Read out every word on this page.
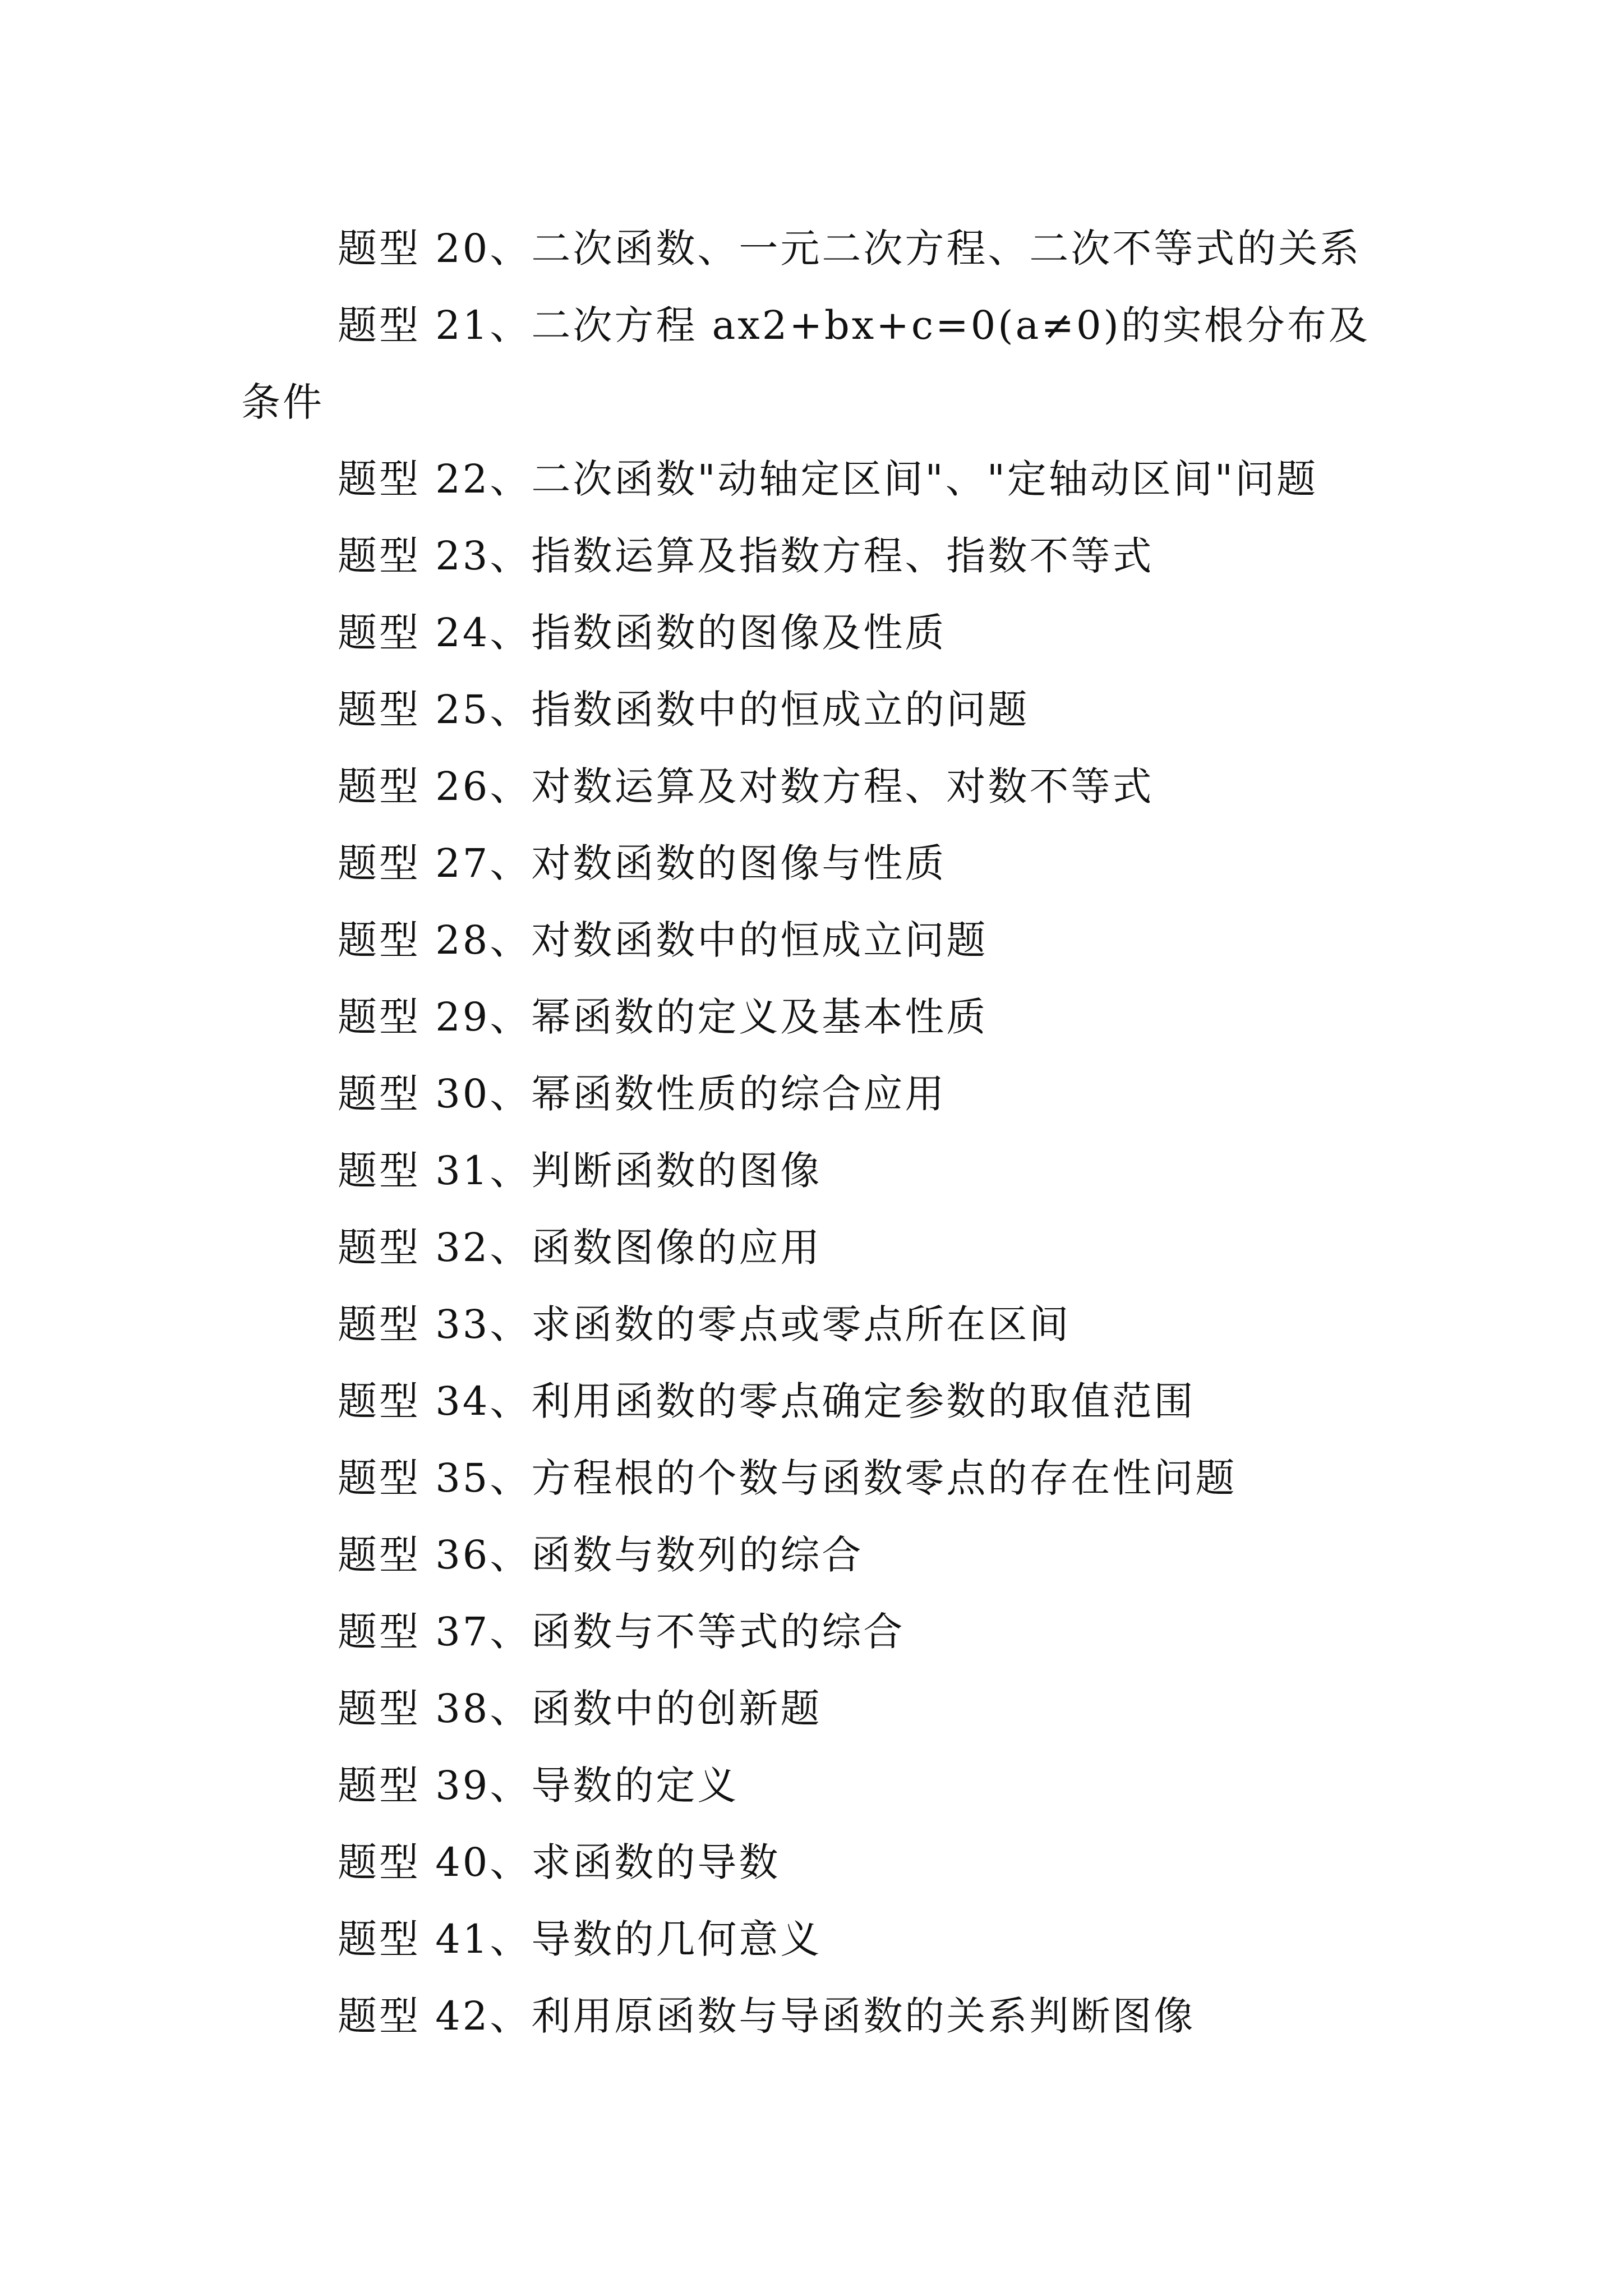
题型 20、二次函数、一元二次方程、二次不等式的关系
题型 21、二次方程 ax2+bx+c=0(a≠0)的实根分布及条件
题型 22、二次函数"动轴定区间"、"定轴动区间"问题
题型 23、指数运算及指数方程、指数不等式
题型 24、指数函数的图像及性质
题型 25、指数函数中的恒成立的问题
题型 26、对数运算及对数方程、对数不等式
题型 27、对数函数的图像与性质
题型 28、对数函数中的恒成立问题
题型 29、幂函数的定义及基本性质
题型 30、幂函数性质的综合应用
题型 31、判断函数的图像
题型 32、函数图像的应用
题型 33、求函数的零点或零点所在区间
题型 34、利用函数的零点确定参数的取值范围
题型 35、方程根的个数与函数零点的存在性问题
题型 36、函数与数列的综合
题型 37、函数与不等式的综合
题型 38、函数中的创新题
题型 39、导数的定义
题型 40、求函数的导数
题型 41、导数的几何意义
题型 42、利用原函数与导函数的关系判断图像
